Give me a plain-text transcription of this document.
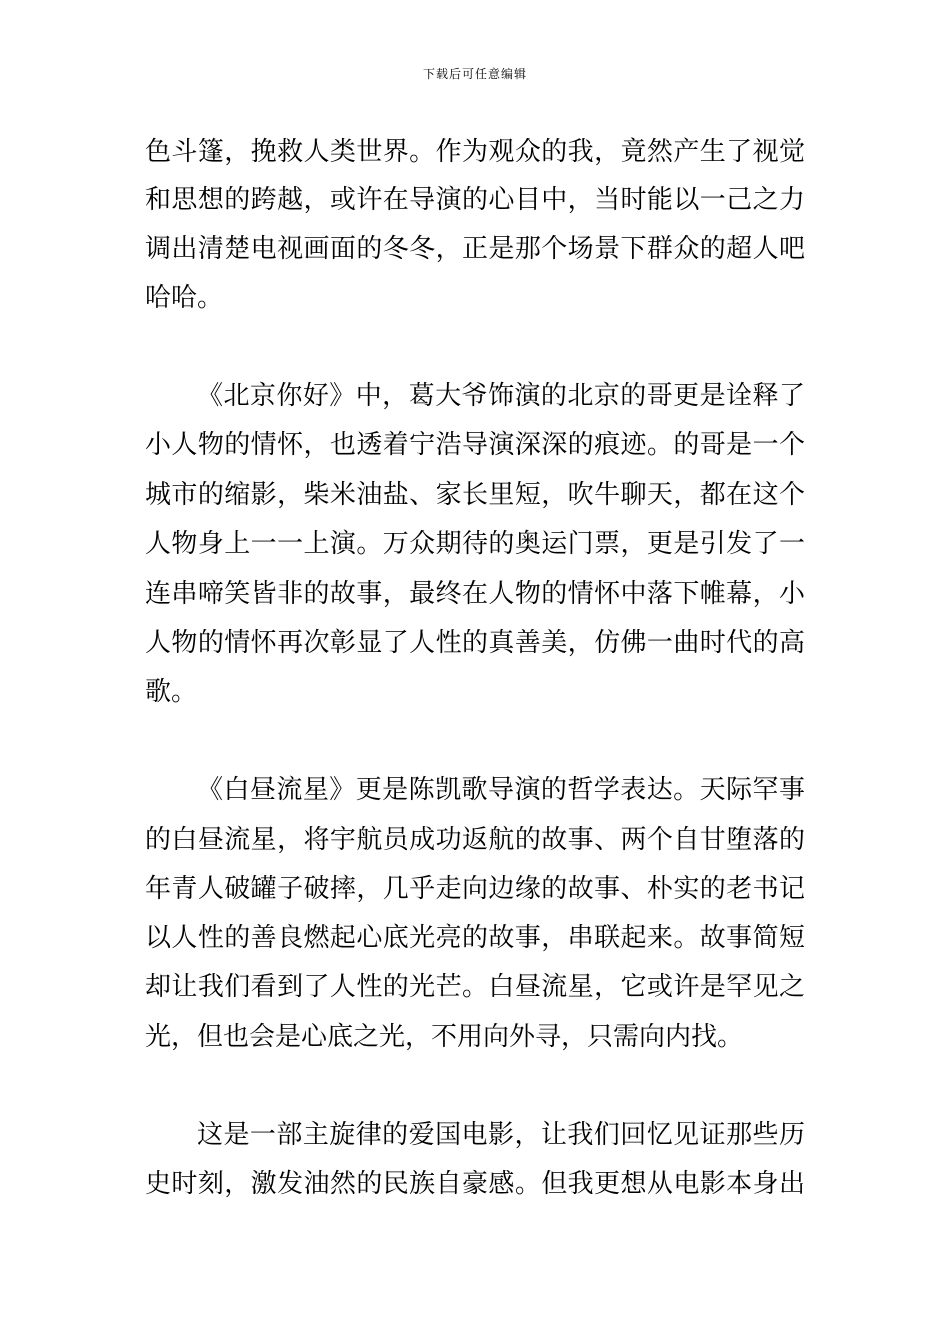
下载后可任意编辑
色斗篷，挽救人类世界。作为观众的我，竟然产生了视觉
和思想的跨越，或许在导演的心目中，当时能以一己之力
调出清楚电视画面的冬冬，正是那个场景下群众的超人吧
哈哈。
《北京你好》中，葛大爷饰演的北京的哥更是诠释了
小人物的情怀，也透着宁浩导演深深的痕迹。的哥是一个
城市的缩影，柴米油盐、家长里短，吹牛聊天，都在这个
人物身上一一上演。万众期待的奥运门票，更是引发了一
连串啼笑皆非的故事，最终在人物的情怀中落下帷幕，小
人物的情怀再次彰显了人性的真善美，仿佛一曲时代的高
歌。
《白昼流星》更是陈凯歌导演的哲学表达。天际罕事
的白昼流星，将宇航员成功返航的故事、两个自甘堕落的
年青人破罐子破摔，几乎走向边缘的故事、朴实的老书记
以人性的善良燃起心底光亮的故事，串联起来。故事简短
却让我们看到了人性的光芒。白昼流星，它或许是罕见之
光，但也会是心底之光，不用向外寻，只需向内找。
这是一部主旋律的爱国电影，让我们回忆见证那些历
史时刻，激发油然的民族自豪感。但我更想从电影本身出
